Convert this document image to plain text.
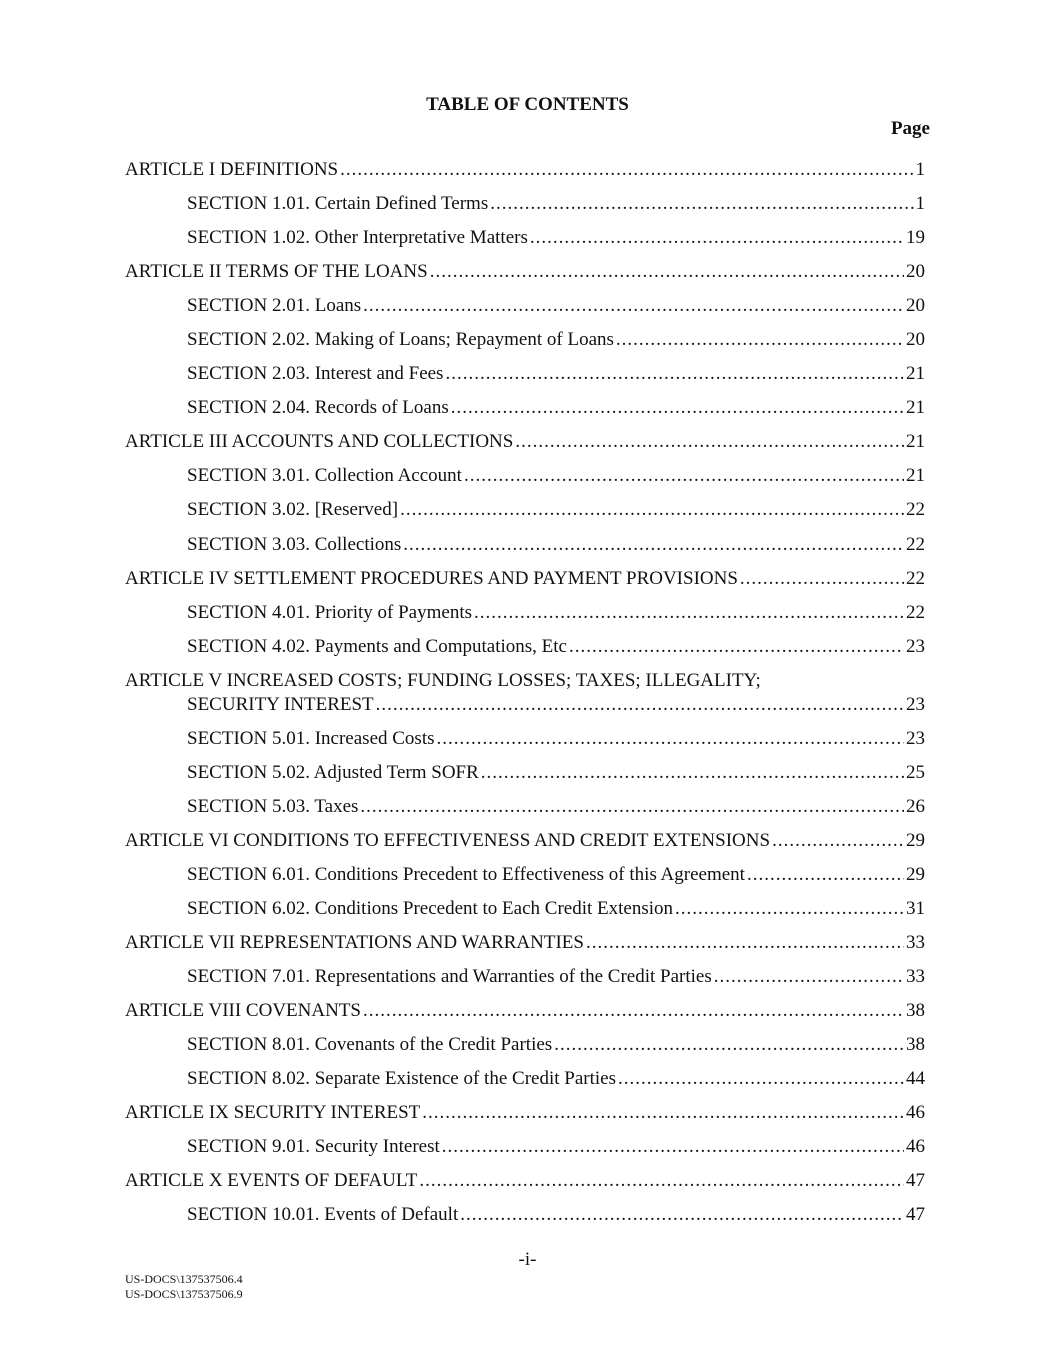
TABLE OF CONTENTS
Page
ARTICLE I DEFINITIONS .....	1
SECTION 1.01. Certain Defined Terms .....	1
SECTION 1.02. Other Interpretative Matters .....	19
ARTICLE II TERMS OF THE LOANS .....	20
SECTION 2.01. Loans .....	20
SECTION 2.02. Making of Loans; Repayment of Loans .....	20
SECTION 2.03. Interest and Fees .....	21
SECTION 2.04. Records of Loans .....	21
ARTICLE III ACCOUNTS AND COLLECTIONS .....	21
SECTION 3.01. Collection Account .....	21
SECTION 3.02. [Reserved] .....	22
SECTION 3.03. Collections .....	22
ARTICLE IV SETTLEMENT PROCEDURES AND PAYMENT PROVISIONS .....	22
SECTION 4.01. Priority of Payments .....	22
SECTION 4.02. Payments and Computations, Etc .....	23
ARTICLE V INCREASED COSTS; FUNDING LOSSES; TAXES; ILLEGALITY;
SECURITY INTEREST .....	23
SECTION 5.01. Increased Costs .....	23
SECTION 5.02. Adjusted Term SOFR .....	25
SECTION 5.03. Taxes .....	26
ARTICLE VI CONDITIONS TO EFFECTIVENESS AND CREDIT EXTENSIONS .....	29
SECTION 6.01. Conditions Precedent to Effectiveness of this Agreement .....	29
SECTION 6.02. Conditions Precedent to Each Credit Extension .....	31
ARTICLE VII REPRESENTATIONS AND WARRANTIES .....	33
SECTION 7.01. Representations and Warranties of the Credit Parties .....	33
ARTICLE VIII COVENANTS .....	38
SECTION 8.01. Covenants of the Credit Parties .....	38
SECTION 8.02. Separate Existence of the Credit Parties .....	44
ARTICLE IX SECURITY INTEREST .....	46
SECTION 9.01. Security Interest .....	46
ARTICLE X EVENTS OF DEFAULT .....	47
SECTION 10.01. Events of Default .....	47
-i-
US-DOCS\137537506.4
US-DOCS\137537506.9
